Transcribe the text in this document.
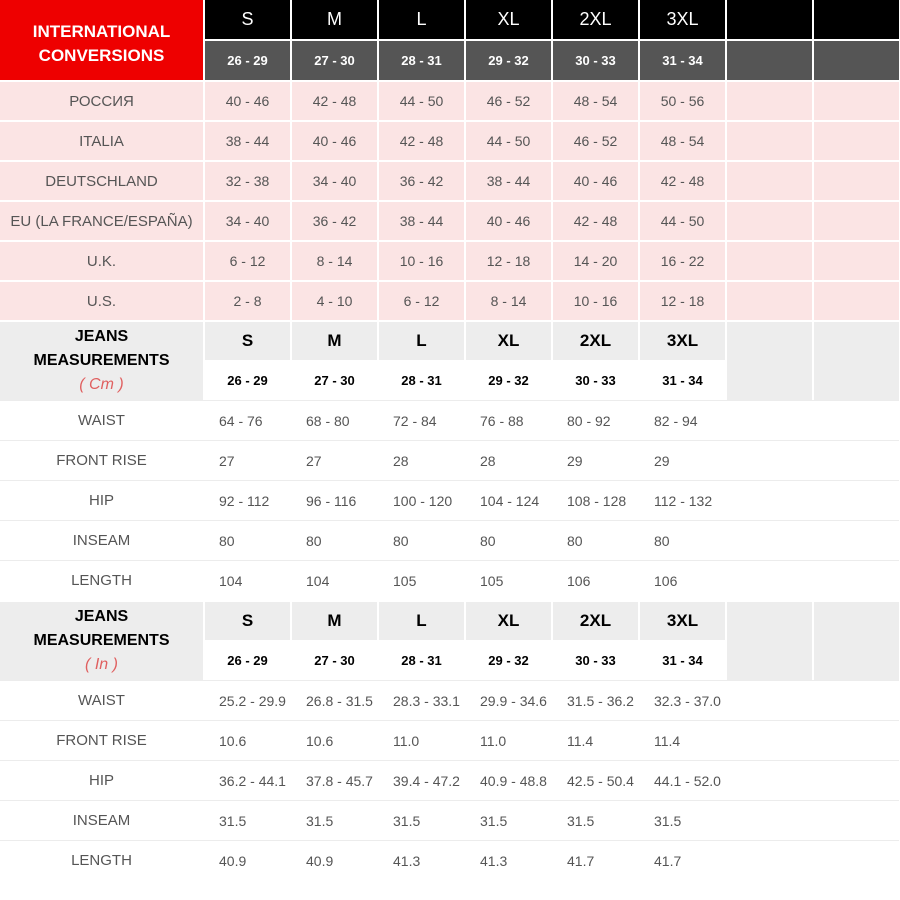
INTERNATIONAL
CONVERSIONS
S	M	L	XL	2XL	3XL
26 - 29	27 - 30	28 - 31	29 - 32	30 - 33	31 - 34
РОССИЯ	40 - 46	42 - 48	44 - 50	46 - 52	48 - 54	50 - 56
ITALIA	38 - 44	40 - 46	42 - 48	44 - 50	46 - 52	48 - 54
DEUTSCHLAND	32 - 38	34 - 40	36 - 42	38 - 44	40 - 46	42 - 48
EU (LA FRANCE/ESPAÑA)	34 - 40	36 - 42	38 - 44	40 - 46	42 - 48	44 - 50
U.K.	6 - 12	8 - 14	10 - 16	12 - 18	14 - 20	16 - 22
U.S.	2 - 8	4 - 10	6 - 12	8 - 14	10 - 16	12 - 18
JEANS
MEASUREMENTS
( Cm )
S	M	L	XL	2XL	3XL
26 - 29	27 - 30	28 - 31	29 - 32	30 - 33	31 - 34
WAIST	64 - 76	68 - 80	72 - 84	76 - 88	80 - 92	82 - 94
FRONT RISE	27	27	28	28	29	29
HIP	92 - 112	96 - 116	100 - 120	104 - 124	108 - 128	112 - 132
INSEAM	80	80	80	80	80	80
LENGTH	104	104	105	105	106	106
JEANS
MEASUREMENTS
( In )
S	M	L	XL	2XL	3XL
26 - 29	27 - 30	28 - 31	29 - 32	30 - 33	31 - 34
WAIST	25.2 - 29.9	26.8 - 31.5	28.3 - 33.1	29.9 - 34.6	31.5 - 36.2	32.3 - 37.0
FRONT RISE	10.6	10.6	11.0	11.0	11.4	11.4
HIP	36.2 - 44.1	37.8 - 45.7	39.4 - 47.2	40.9 - 48.8	42.5 - 50.4	44.1 - 52.0
INSEAM	31.5	31.5	31.5	31.5	31.5	31.5
LENGTH	40.9	40.9	41.3	41.3	41.7	41.7
